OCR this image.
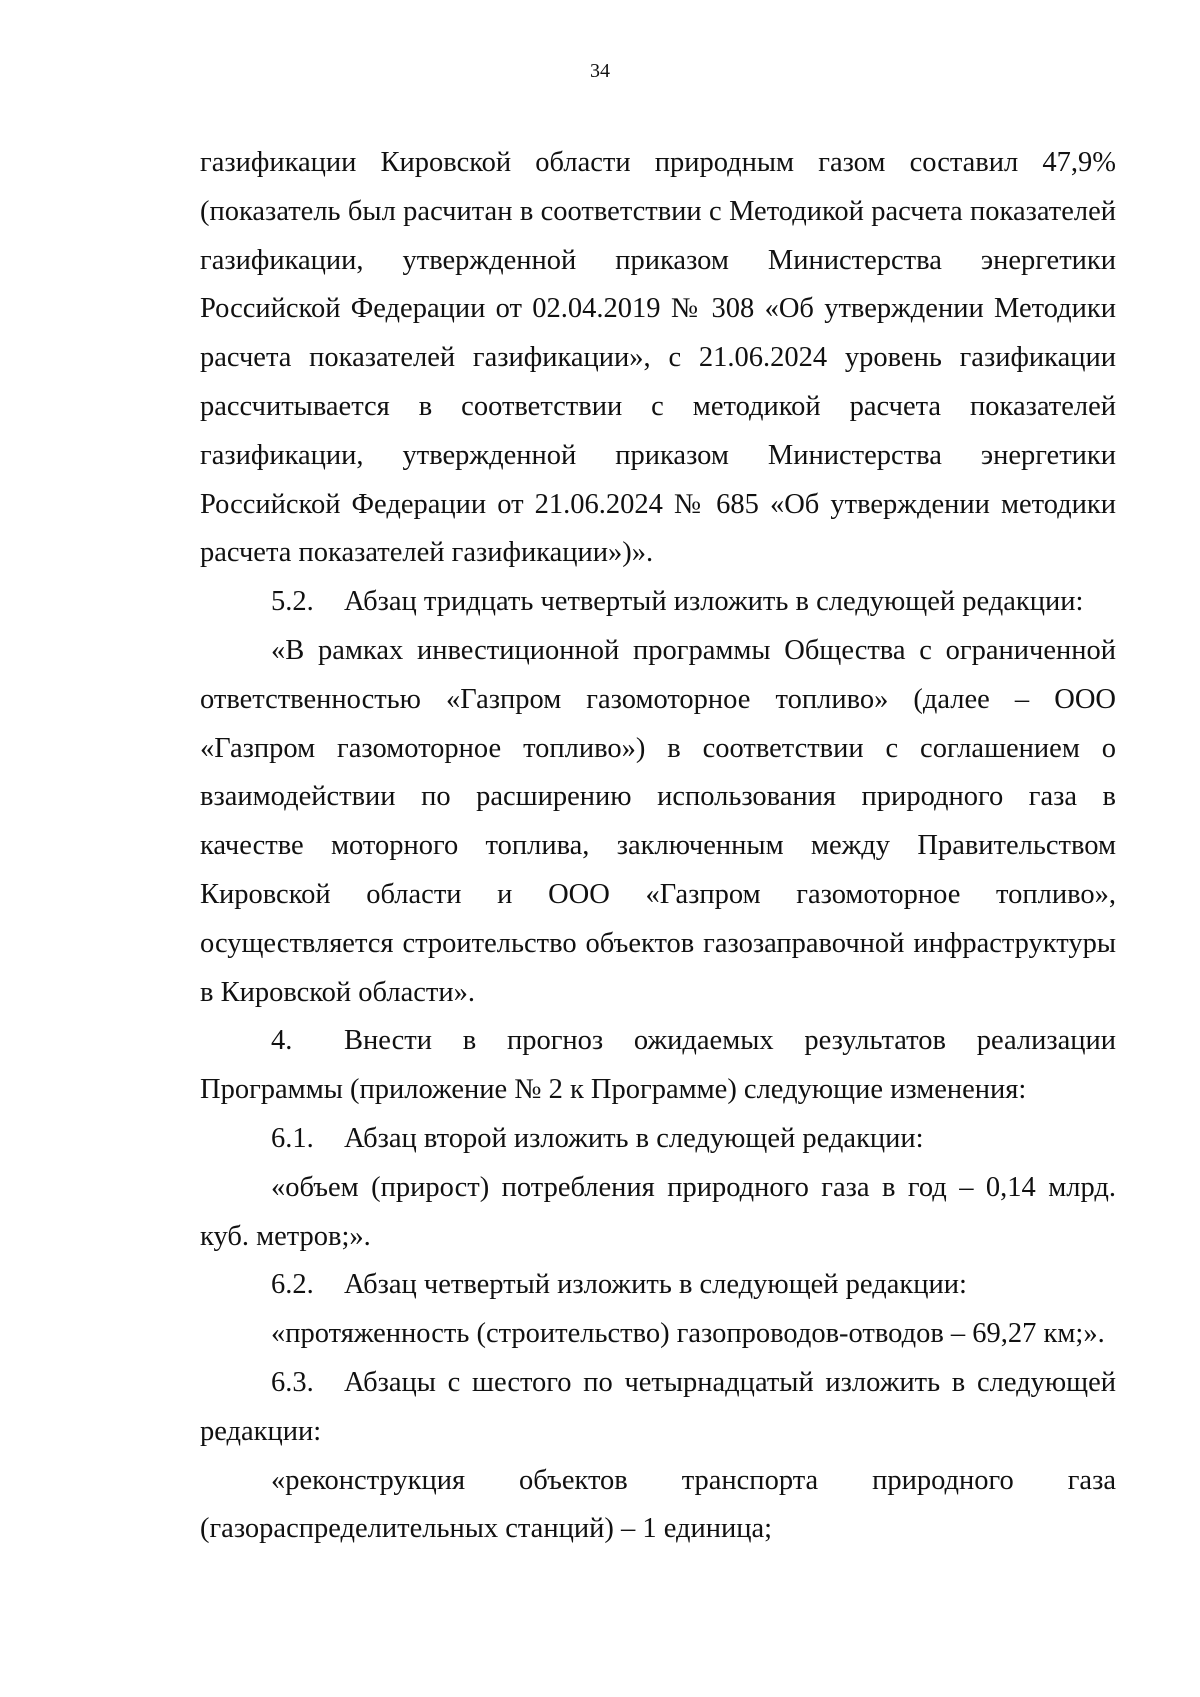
34

газификации Кировской области природным газом составил 47,9% (показатель был расчитан в соответствии с Методикой расчета показателей газификации, утвержденной приказом Министерства энергетики Российской Федерации от 02.04.2019 № 308 «Об утверждении Методики расчета показателей газификации», с 21.06.2024 уровень газификации рассчитывается в соответствии с методикой расчета показателей газификации, утвержденной приказом Министерства энергетики Российской Федерации от 21.06.2024 № 685 «Об утверждении методики расчета показателей газификации»)».

5.2. Абзац тридцать четвертый изложить в следующей редакции:

«В рамках инвестиционной программы Общества с ограниченной ответственностью «Газпром газомоторное топливо» (далее – ООО «Газпром газомоторное топливо») в соответствии с соглашением о взаимодействии по расширению использования природного газа в качестве моторного топлива, заключенным между Правительством Кировской области и ООО «Газпром газомоторное топливо», осуществляется строительство объектов газозаправочной инфраструктуры в Кировской области».

4. Внести в прогноз ожидаемых результатов реализации Программы (приложение № 2 к Программе) следующие изменения:

6.1. Абзац второй изложить в следующей редакции:

«объем (прирост) потребления природного газа в год – 0,14 млрд. куб. метров;».

6.2. Абзац четвертый изложить в следующей редакции:

«протяженность (строительство) газопроводов-отводов – 69,27 км;».

6.3. Абзацы с шестого по четырнадцатый изложить в следующей редакции:

«реконструкция объектов транспорта природного газа (газораспределительных станций) – 1 единица;
